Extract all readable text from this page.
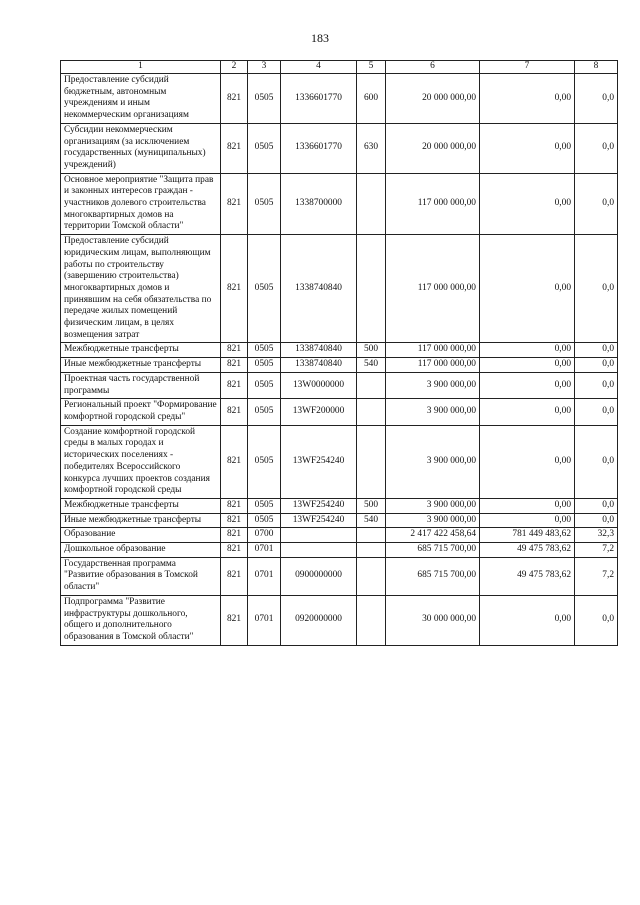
183
1	2	3	4	5	6	7	8
Предоставление субсидий бюджетным, автономным учреждениям и иным некоммерческим организациям	821	0505	1336601770	600	20 000 000,00	0,00	0,0
Субсидии некоммерческим организациям (за исключением государственных (муниципальных) учреждений)	821	0505	1336601770	630	20 000 000,00	0,00	0,0
Основное мероприятие "Защита прав и законных интересов граждан - участников долевого строительства многоквартирных домов на территории Томской области"	821	0505	1338700000		117 000 000,00	0,00	0,0
Предоставление субсидий юридическим лицам, выполняющим работы по строительству (завершению строительства) многоквартирных домов и принявшим на себя обязательства по передаче жилых помещений физическим лицам, в целях возмещения затрат	821	0505	1338740840		117 000 000,00	0,00	0,0
Межбюджетные трансферты	821	0505	1338740840	500	117 000 000,00	0,00	0,0
Иные межбюджетные трансферты	821	0505	1338740840	540	117 000 000,00	0,00	0,0
Проектная часть государственной программы	821	0505	13W0000000		3 900 000,00	0,00	0,0
Региональный проект "Формирование комфортной городской среды"	821	0505	13WF200000		3 900 000,00	0,00	0,0
Создание комфортной городской среды в малых городах и исторических поселениях - победителях Всероссийского конкурса лучших проектов создания комфортной городской среды	821	0505	13WF254240		3 900 000,00	0,00	0,0
Межбюджетные трансферты	821	0505	13WF254240	500	3 900 000,00	0,00	0,0
Иные межбюджетные трансферты	821	0505	13WF254240	540	3 900 000,00	0,00	0,0
Образование	821	0700			2 417 422 458,64	781 449 483,62	32,3
Дошкольное образование	821	0701			685 715 700,00	49 475 783,62	7,2
Государственная программа "Развитие образования в Томской области"	821	0701	0900000000		685 715 700,00	49 475 783,62	7,2
Подпрограмма "Развитие инфраструктуры дошкольного, общего и дополнительного образования в Томской области"	821	0701	0920000000		30 000 000,00	0,00	0,0
